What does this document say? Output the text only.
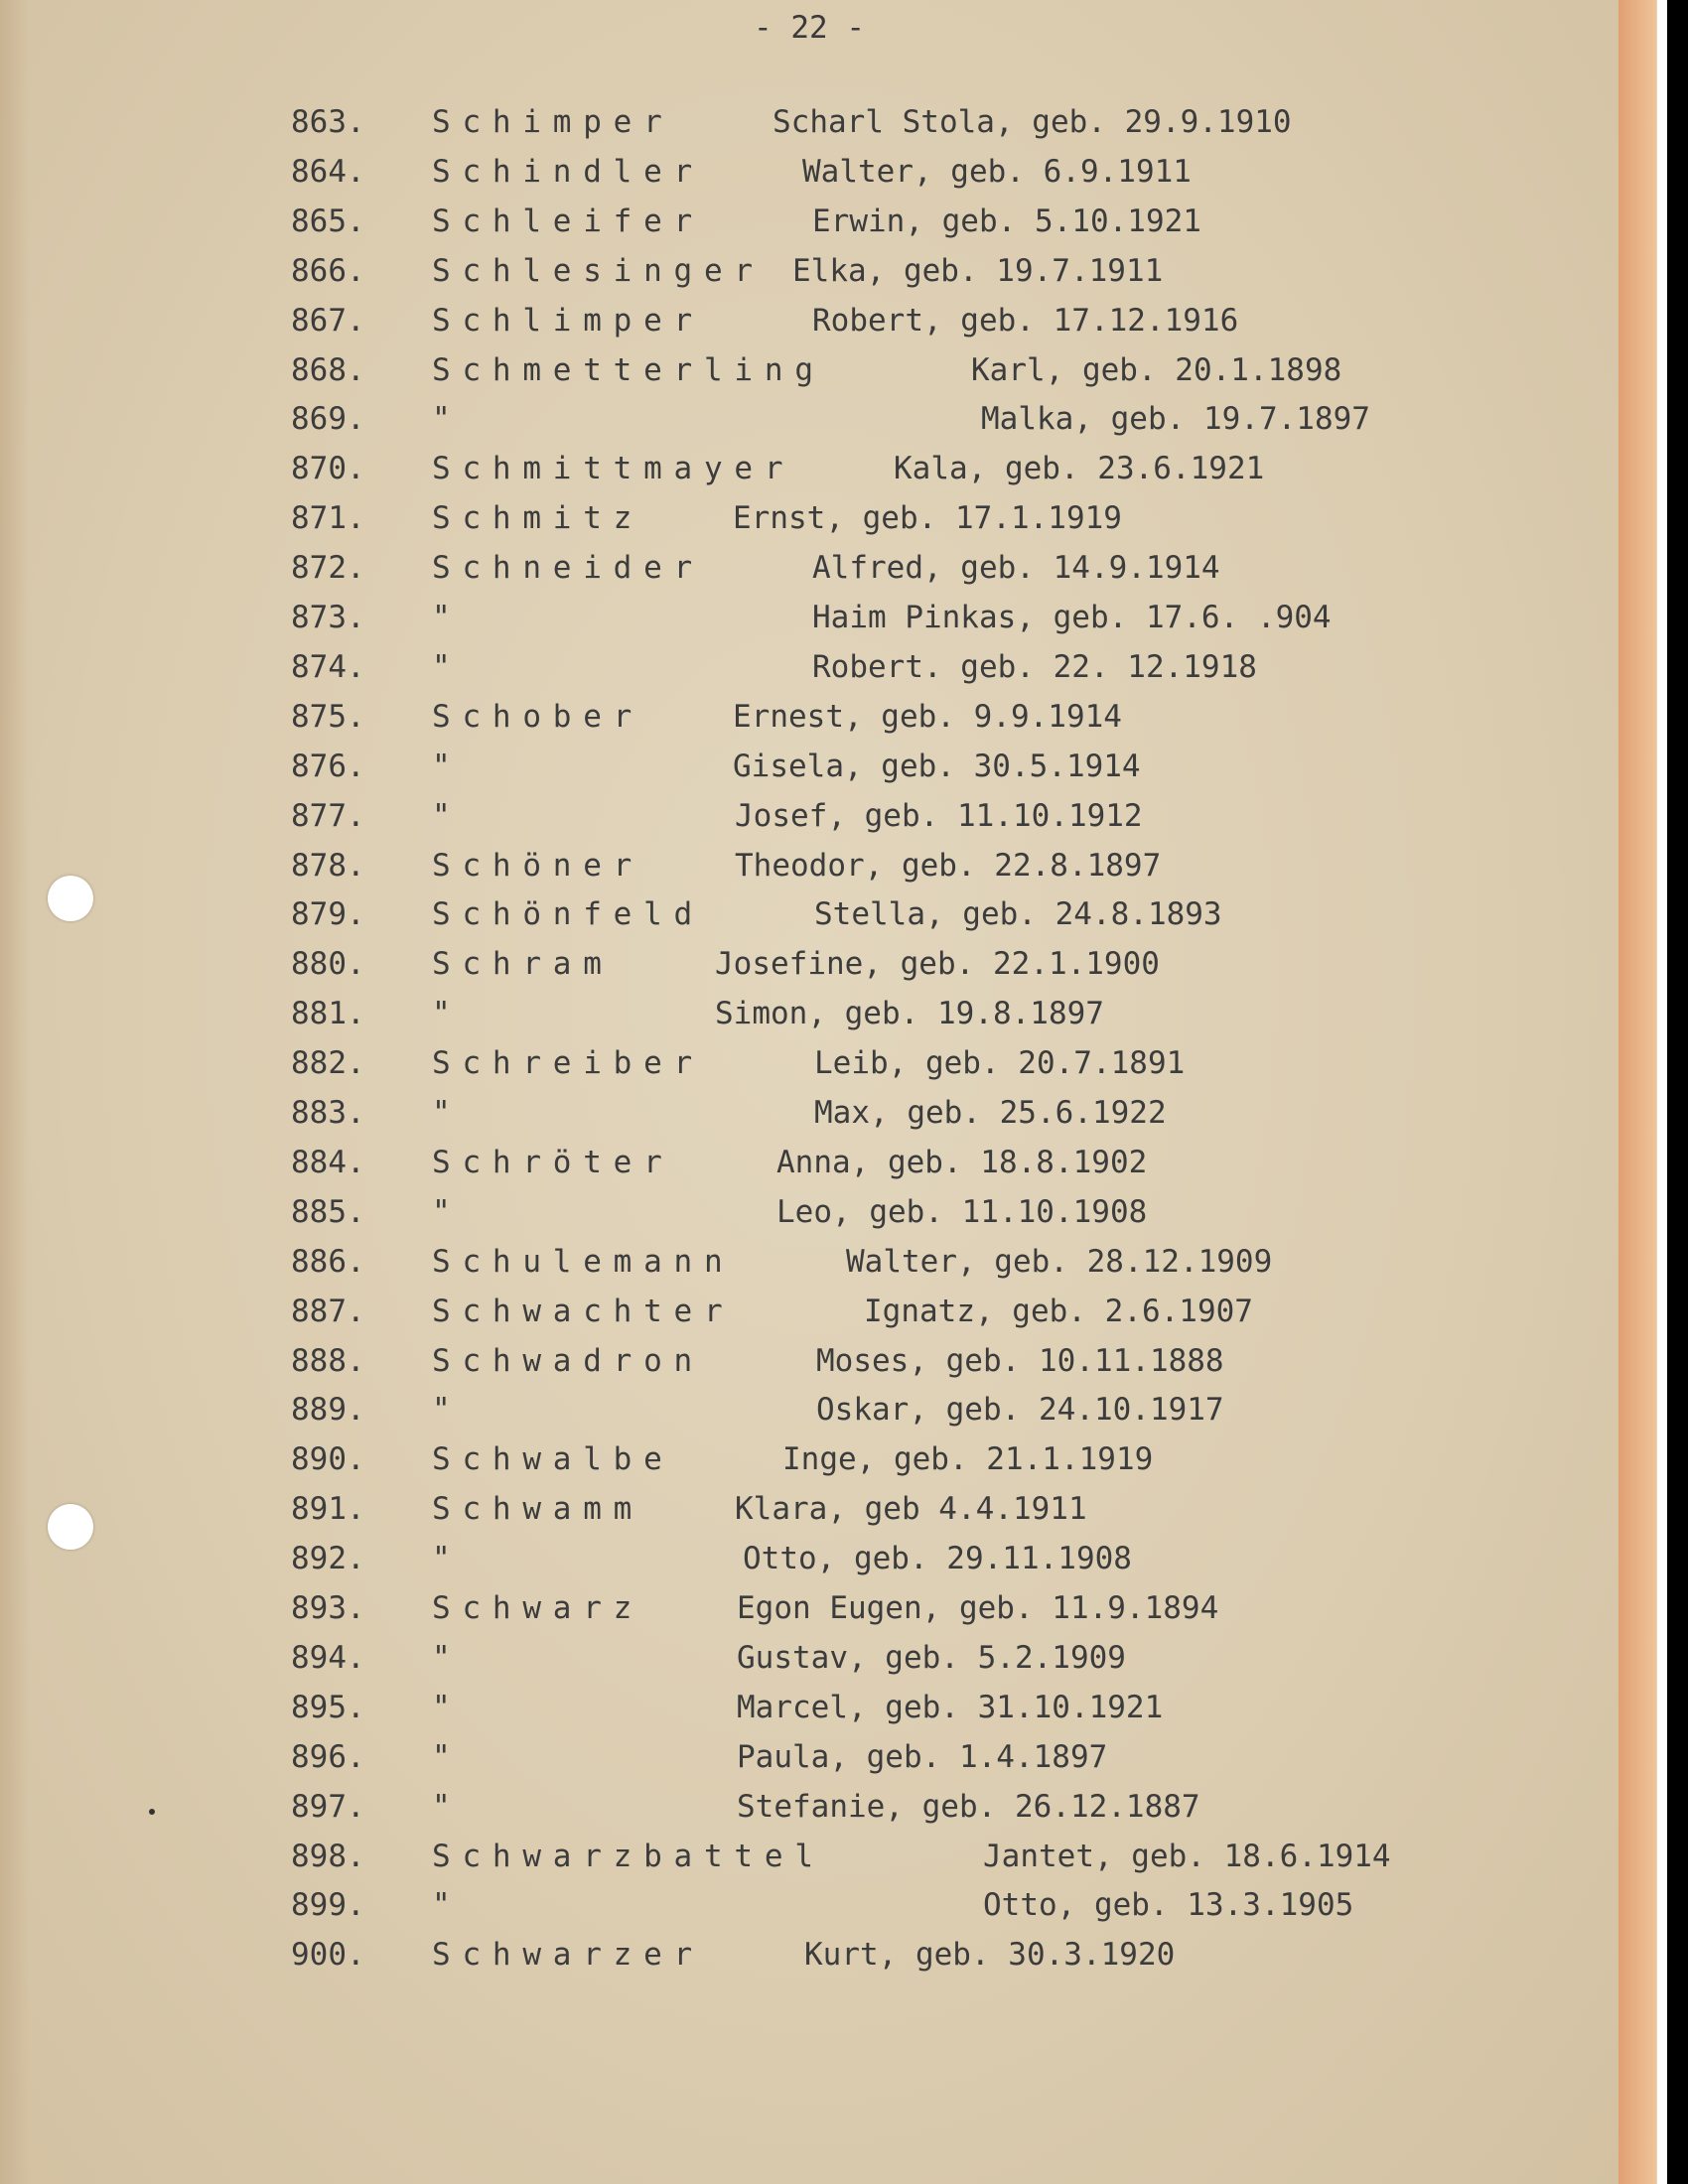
- 22 -
863. Schimper	Scharl Stola, geb. 29.9.1910
864. Schindler	Walter, geb. 6.9.1911
865. Schleifer	Erwin, geb. 5.10.1921
866. Schlesinger Elka, geb. 19.7.1911
867. Schlimper	Robert, geb. 17.12.1916
868. Schmetterling	Karl, geb. 20.1.1898
869. "	Malka, geb. 19.7.1897
870. Schmittmayer	Kala, geb. 23.6.1921
871. Schmitz	Ernst, geb. 17.1.1919
872. Schneider	Alfred, geb. 14.9.1914
873. "	Haim Pinkas, geb. 17.6. .904
874. "	Robert. geb. 22. 12.1918
875. Schober	Ernest, geb. 9.9.1914
876. "	Gisela, geb. 30.5.1914
877. "	Josef, geb. 11.10.1912
878. Schöner	Theodor, geb. 22.8.1897
879. Schönfeld	Stella, geb. 24.8.1893
880. Schram	Josefine, geb. 22.1.1900
881. "	Simon, geb. 19.8.1897
882. Schreiber	Leib, geb. 20.7.1891
883. "	Max, geb. 25.6.1922
884. Schröter	Anna, geb. 18.8.1902
885. "	Leo, geb. 11.10.1908
886. Schulemann	Walter, geb. 28.12.1909
887. Schwachter	Ignatz, geb. 2.6.1907
888. Schwadron	Moses, geb. 10.11.1888
889. "	Oskar, geb. 24.10.1917
890. Schwalbe	Inge, geb. 21.1.1919
891. Schwamm	Klara, geb 4.4.1911
892. "	Otto, geb. 29.11.1908
893. Schwarz	Egon Eugen, geb. 11.9.1894
894. "	Gustav, geb. 5.2.1909
895. "	Marcel, geb. 31.10.1921
896. "	Paula, geb. 1.4.1897
897. "	Stefanie, geb. 26.12.1887
898. Schwarzbattel	Jantet, geb. 18.6.1914
899. "	Otto, geb. 13.3.1905
900. Schwarzer	Kurt, geb. 30.3.1920
